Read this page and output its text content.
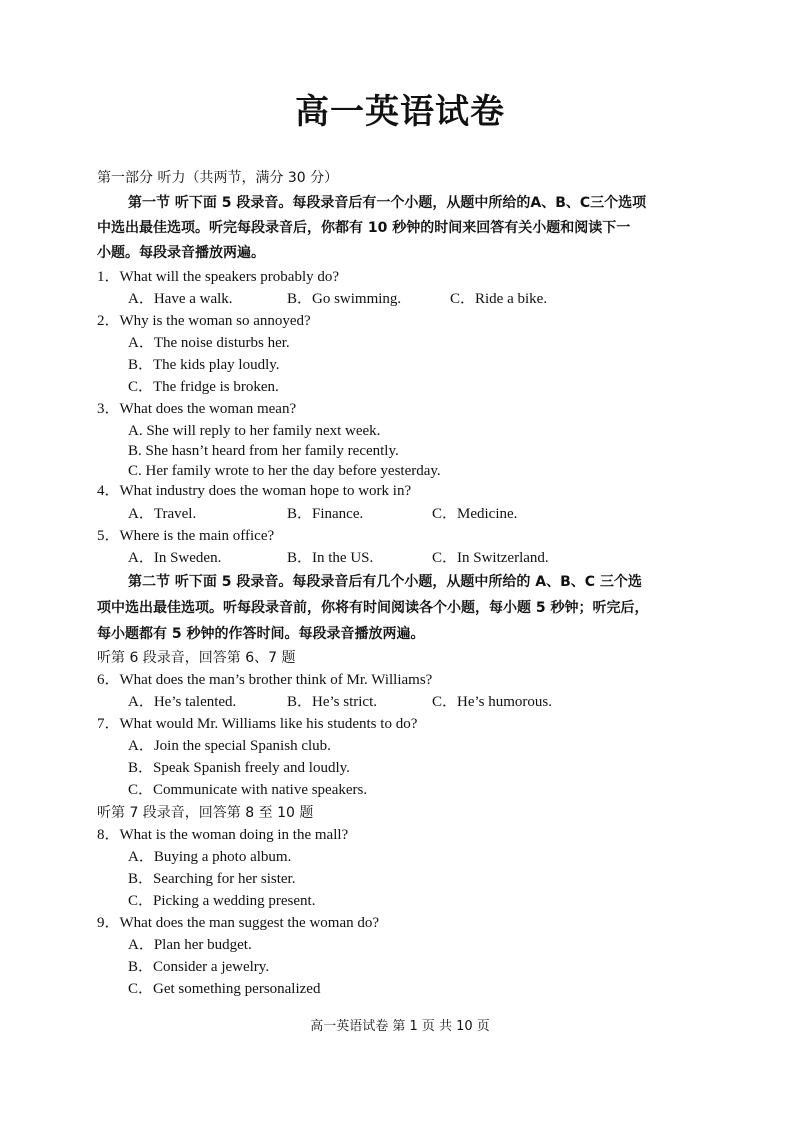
高一英语试卷
第一部分 听力（共两节，满分 30 分）
第一节 听下面 5 段录音。每段录音后有一个小题，从题中所给的A、B、C三个选项
中选出最佳选项。听完每段录音后，你都有 10 秒钟的时间来回答有关小题和阅读下一
小题。每段录音播放两遍。
1．What will the speakers probably do?
A．Have a walk.	B．Go swimming.	C．Ride a bike.
2．Why is the woman so annoyed?
A．The noise disturbs her.
B．The kids play loudly.
C．The fridge is broken.
3．What does the woman mean?
A. She will reply to her family next week.
B. She hasn’t heard from her family recently.
C. Her family wrote to her the day before yesterday.
4．What industry does the woman hope to work in?
A．Travel.	B．Finance.	C．Medicine.
5．Where is the main office?
A．In Sweden.	B．In the US.	C．In Switzerland.
第二节 听下面 5 段录音。每段录音后有几个小题，从题中所给的 A、B、C 三个选
项中选出最佳选项。听每段录音前，你将有时间阅读各个小题，每小题 5 秒钟；听完后，
每小题都有 5 秒钟的作答时间。每段录音播放两遍。
听第 6 段录音，回答第 6、7 题
6．What does the man’s brother think of Mr. Williams?
A．He’s talented.	B．He’s strict.	C．He’s humorous.
7．What would Mr. Williams like his students to do?
A．Join the special Spanish club.
B．Speak Spanish freely and loudly.
C．Communicate with native speakers.
听第 7 段录音，回答第 8 至 10 题
8．What is the woman doing in the mall?
A．Buying a photo album.
B．Searching for her sister.
C．Picking a wedding present.
9．What does the man suggest the woman do?
A．Plan her budget.
B．Consider a jewelry.
C．Get something personalized
高一英语试卷 第 1 页 共 10 页
